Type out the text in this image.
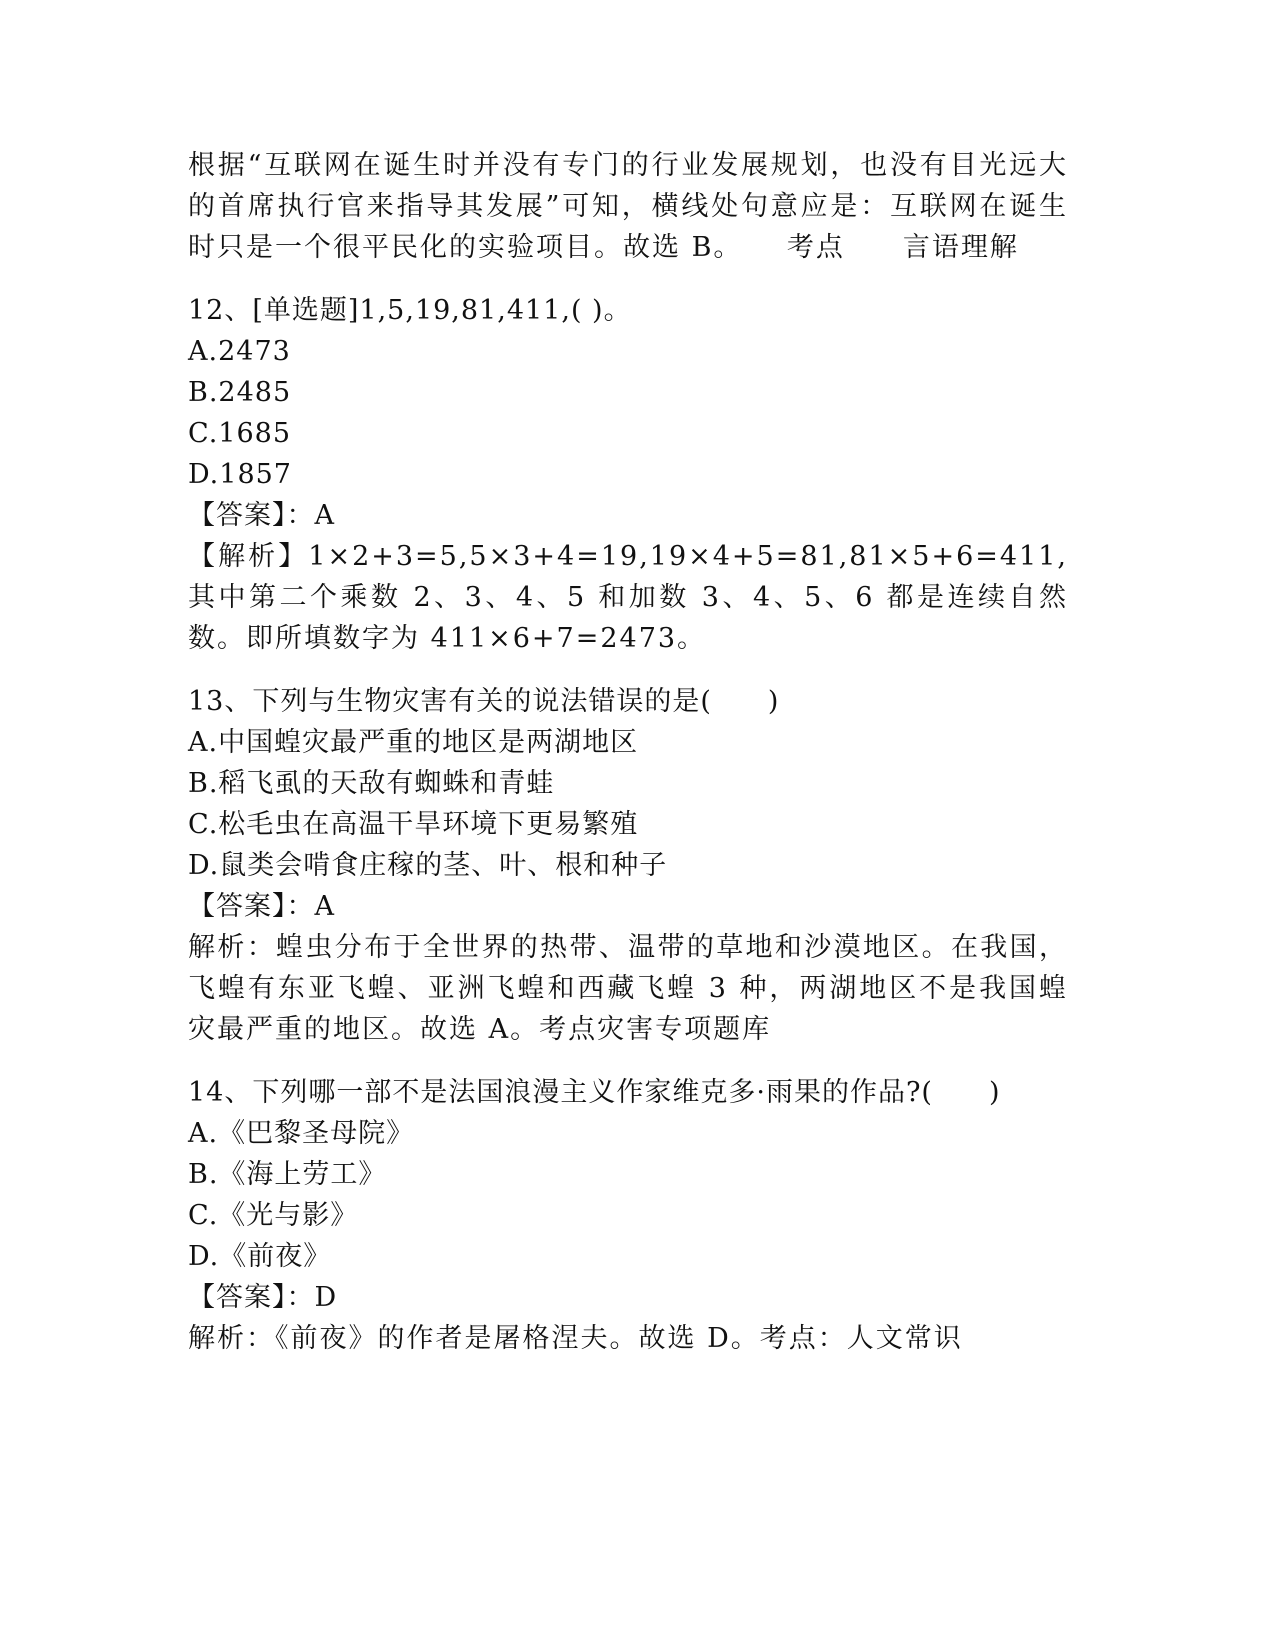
根据“互联网在诞生时并没有专门的行业发展规划，也没有目光远大的首席执行官来指导其发展”可知，横线处句意应是：互联网在诞生时只是一个很平民化的实验项目。故选 B。　　考点　　言语理解

12、[单选题]1,5,19,81,411,( )。

A.2473

B.2485

C.1685

D.1857

【答案】：A

【解析】1×2+3=5,5×3+4=19,19×4+5=81,81×5+6=411,其中第二个乘数 2、3、4、5 和加数 3、4、5、6 都是连续自然数。即所填数字为 411×6+7=2473。

13、下列与生物灾害有关的说法错误的是(　　)

A.中国蝗灾最严重的地区是两湖地区

B.稻飞虱的天敌有蜘蛛和青蛙

C.松毛虫在高温干旱环境下更易繁殖

D.鼠类会啃食庄稼的茎、叶、根和种子

【答案】：A

解析：蝗虫分布于全世界的热带、温带的草地和沙漠地区。在我国，飞蝗有东亚飞蝗、亚洲飞蝗和西藏飞蝗 3 种，两湖地区不是我国蝗灾最严重的地区。故选 A。考点灾害专项题库

14、下列哪一部不是法国浪漫主义作家维克多·雨果的作品?(　　)

A.《巴黎圣母院》

B.《海上劳工》

C.《光与影》

D.《前夜》

【答案】：D

解析：《前夜》的作者是屠格涅夫。故选 D。考点：人文常识
